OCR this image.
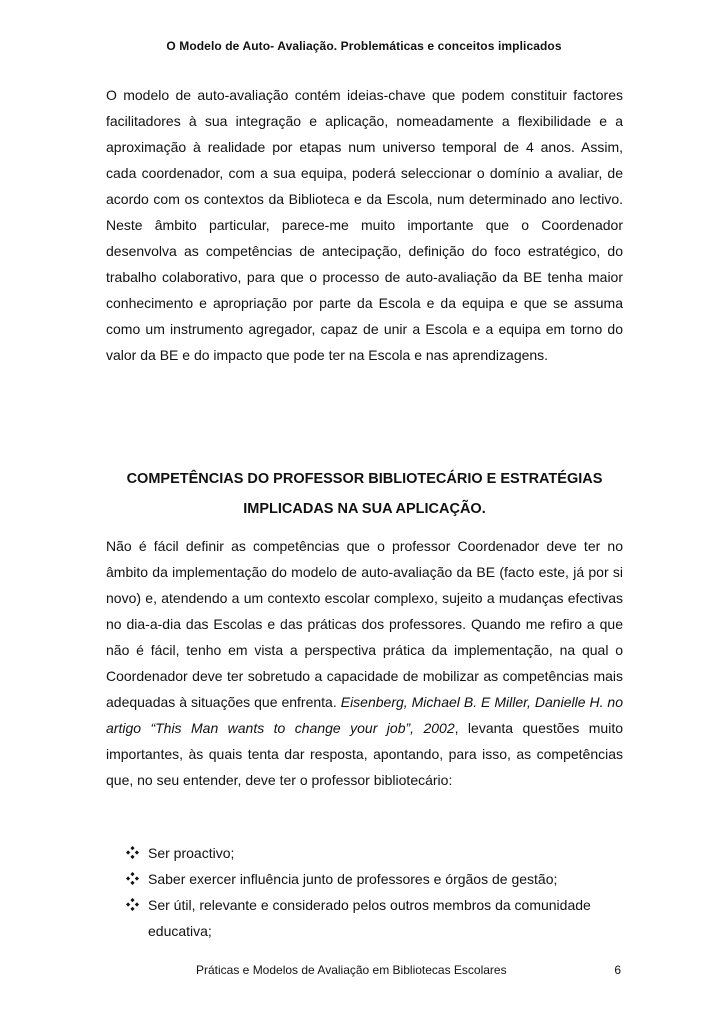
O Modelo de Auto- Avaliação. Problemáticas e conceitos implicados

O modelo de auto-avaliação contém ideias-chave que podem constituir factores facilitadores à sua integração e aplicação, nomeadamente a flexibilidade e a aproximação à realidade por etapas num universo temporal de 4 anos. Assim, cada coordenador, com a sua equipa, poderá seleccionar o domínio a avaliar, de acordo com os contextos da Biblioteca e da Escola, num determinado ano lectivo. Neste âmbito particular, parece-me muito importante que o Coordenador desenvolva as competências de antecipação, definição do foco estratégico, do trabalho colaborativo, para que o processo de auto-avaliação da BE tenha maior conhecimento e apropriação por parte da Escola e da equipa e que se assuma como um instrumento agregador, capaz de unir a Escola e a equipa em torno do valor da BE e do impacto que pode ter na Escola e nas aprendizagens.

COMPETÊNCIAS DO PROFESSOR BIBLIOTECÁRIO E ESTRATÉGIAS
IMPLICADAS NA SUA APLICAÇÃO.

Não é fácil definir as competências que o professor Coordenador deve ter no âmbito da implementação do modelo de auto-avaliação da BE (facto este, já por si novo) e, atendendo a um contexto escolar complexo, sujeito a mudanças efectivas no dia-a-dia das Escolas e das práticas dos professores. Quando me refiro a que não é fácil, tenho em vista a perspectiva prática da implementação, na qual o Coordenador deve ter sobretudo a capacidade de mobilizar as competências mais adequadas à situações que enfrenta. Eisenberg, Michael B. E Miller, Danielle H. no artigo “This Man wants to change your job”, 2002, levanta questões muito importantes, às quais tenta dar resposta, apontando, para isso, as competências que, no seu entender, deve ter o professor bibliotecário:

Ser proactivo;
Saber exercer influência junto de professores e órgãos de gestão;
Ser útil, relevante e considerado pelos outros membros da comunidade educativa;
Práticas e Modelos de Avaliação em Bibliotecas Escolares	6
